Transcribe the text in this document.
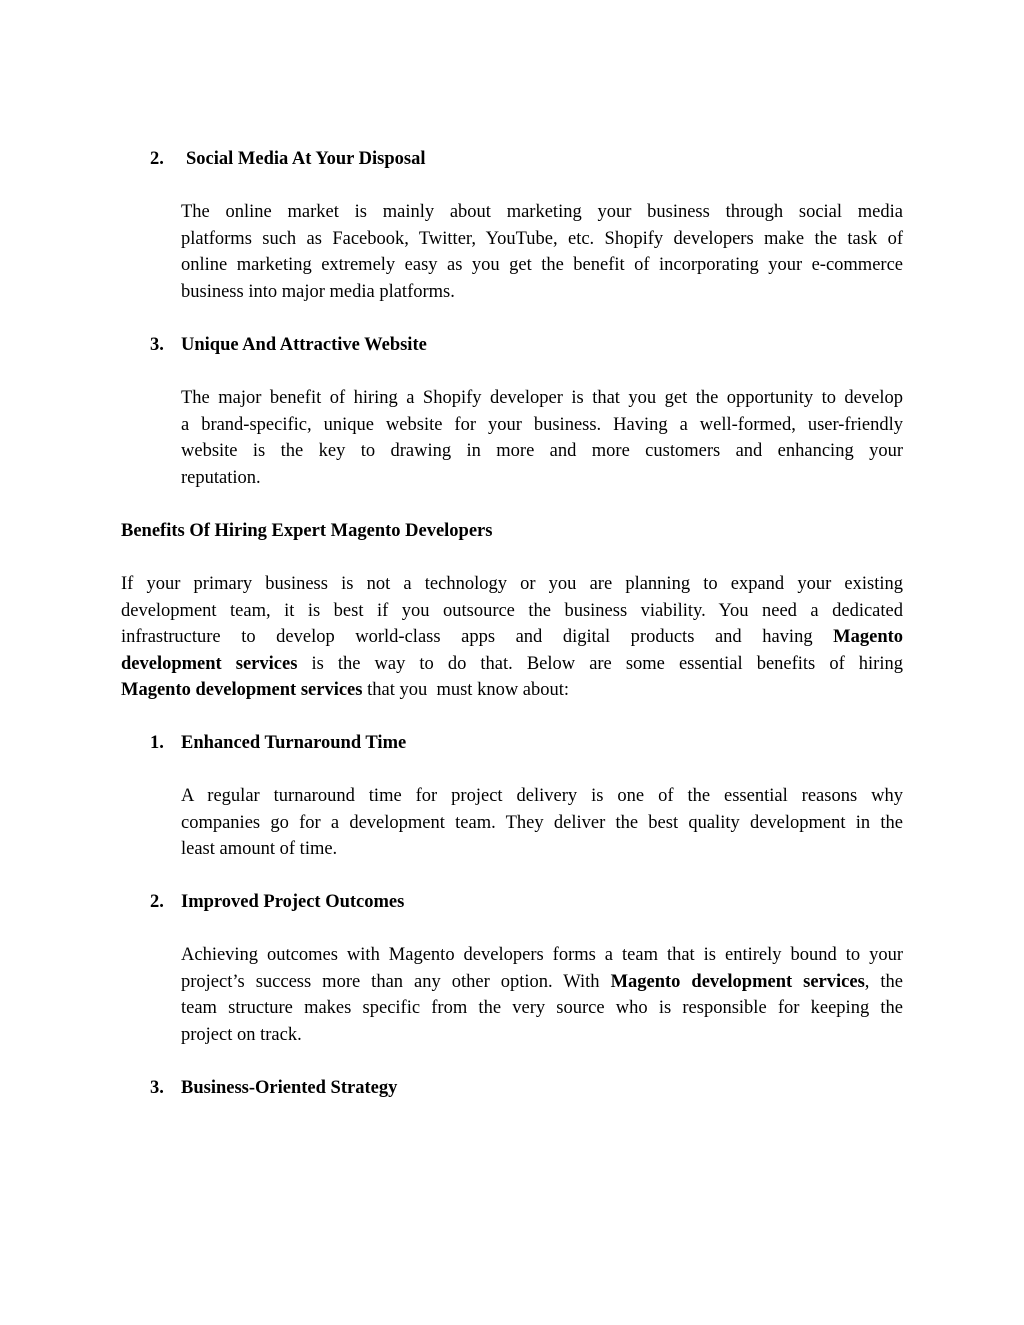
2.	Social Media At Your Disposal
The online market is mainly about marketing your business through social media
platforms such as Facebook, Twitter, YouTube, etc. Shopify developers make the task of
online marketing extremely easy as you get the benefit of incorporating your e-commerce
business into major media platforms.
3. Unique And Attractive Website
The major benefit of hiring a Shopify developer is that you get the opportunity to develop
a brand-specific, unique website for your business. Having a well-formed, user-friendly
website is the key to drawing in more and more customers and enhancing your
reputation.
Benefits Of Hiring Expert Magento Developers
If your primary business is not a technology or you are planning to expand your existing
development team, it is best if you outsource the business viability. You need a dedicated
infrastructure to develop world-class apps and digital products and having Magento
development services is the way to do that. Below are some essential benefits of hiring
Magento development services that you  must know about:
1. Enhanced Turnaround Time
A regular turnaround time for project delivery is one of the essential reasons why
companies go for a development team. They deliver the best quality development in the
least amount of time.
2. Improved Project Outcomes
Achieving outcomes with Magento developers forms a team that is entirely bound to your
project’s success more than any other option. With Magento development services, the
team structure makes specific from the very source who is responsible for keeping the
project on track.
3. Business-Oriented Strategy
